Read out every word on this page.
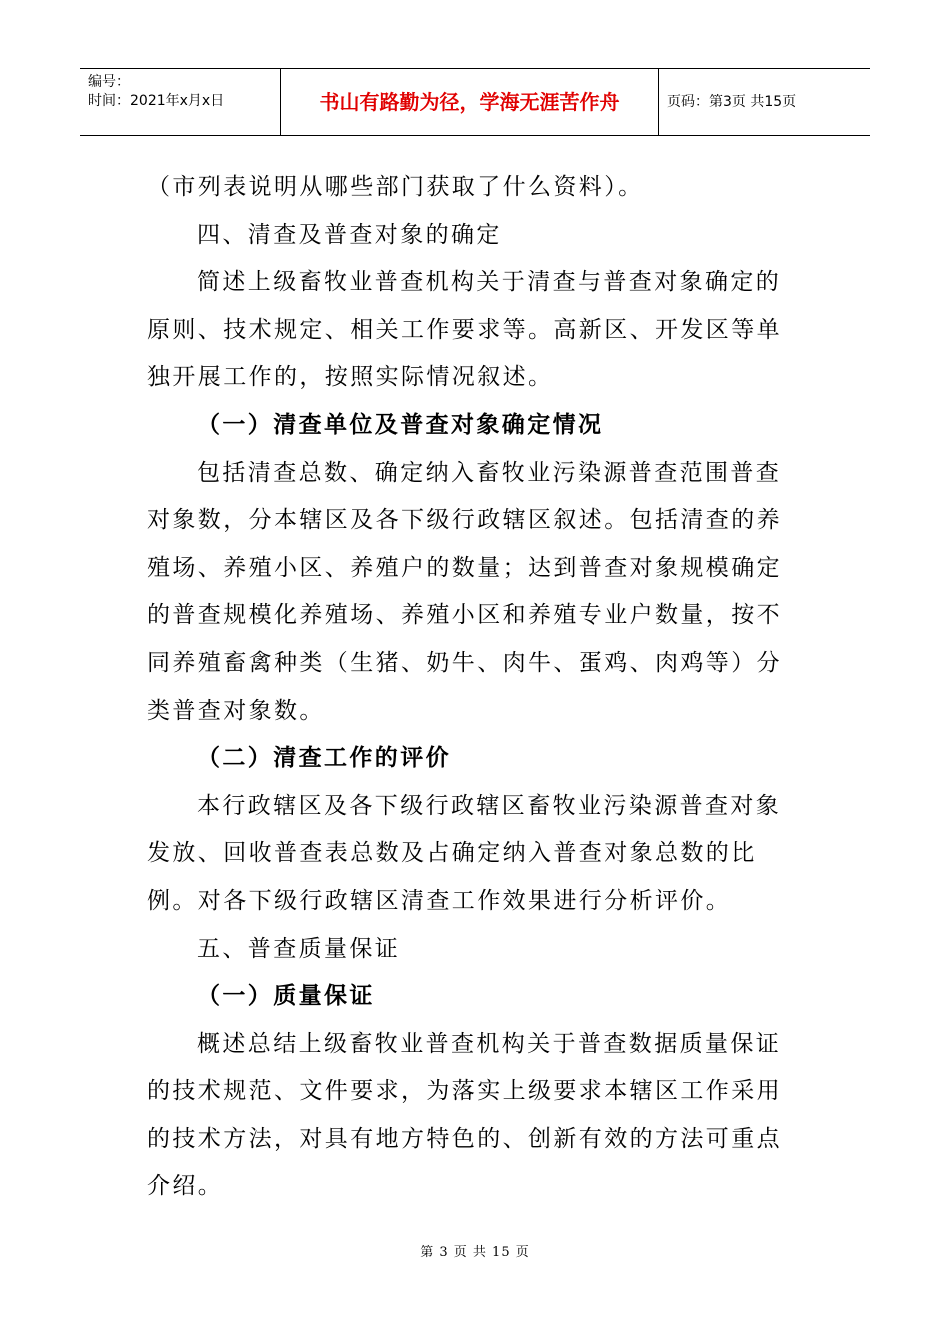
编号：
时间：2021年x月x日	书山有路勤为径，学海无涯苦作舟	页码：第3页 共15页

（市列表说明从哪些部门获取了什么资料）。

四、清查及普查对象的确定

简述上级畜牧业普查机构关于清查与普查对象确定的原则、技术规定、相关工作要求等。高新区、开发区等单独开展工作的，按照实际情况叙述。

（一）清查单位及普查对象确定情况

包括清查总数、确定纳入畜牧业污染源普查范围普查对象数，分本辖区及各下级行政辖区叙述。包括清查的养殖场、养殖小区、养殖户的数量；达到普查对象规模确定的普查规模化养殖场、养殖小区和养殖专业户数量，按不同养殖畜禽种类（生猪、奶牛、肉牛、蛋鸡、肉鸡等）分类普查对象数。

（二）清查工作的评价

本行政辖区及各下级行政辖区畜牧业污染源普查对象发放、回收普查表总数及占确定纳入普查对象总数的比例。对各下级行政辖区清查工作效果进行分析评价。

五、普查质量保证

（一）质量保证

概述总结上级畜牧业普查机构关于普查数据质量保证的技术规范、文件要求，为落实上级要求本辖区工作采用的技术方法，对具有地方特色的、创新有效的方法可重点介绍。

第 3 页 共 15 页
